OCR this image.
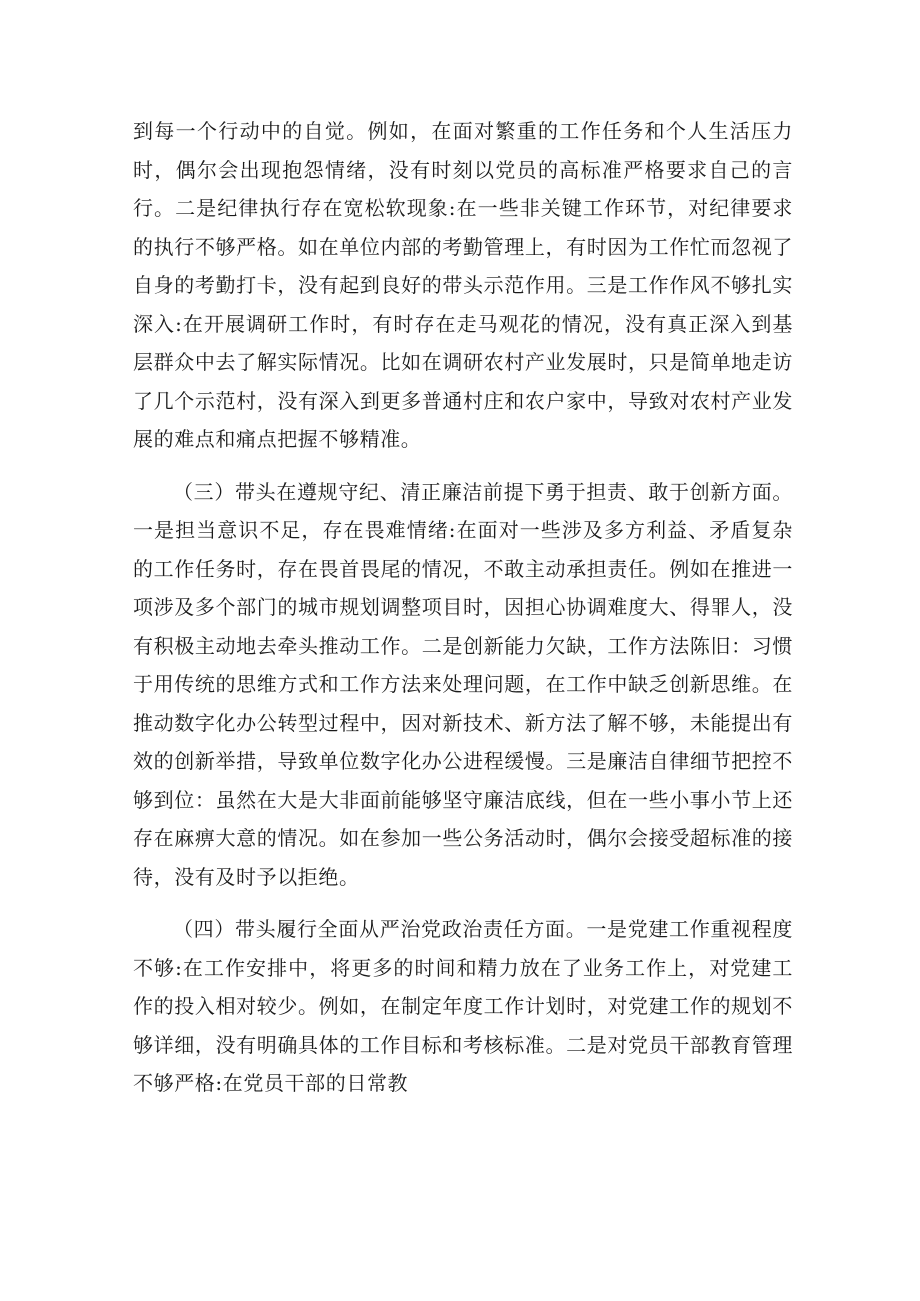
到每一个行动中的自觉。例如，在面对繁重的工作任务和个人生活压力时，偶尔会出现抱怨情绪，没有时刻以党员的高标准严格要求自己的言行。二是纪律执行存在宽松软现象:在一些非关键工作环节，对纪律要求的执行不够严格。如在单位内部的考勤管理上，有时因为工作忙而忽视了自身的考勤打卡，没有起到良好的带头示范作用。三是工作作风不够扎实深入:在开展调研工作时，有时存在走马观花的情况，没有真正深入到基层群众中去了解实际情况。比如在调研农村产业发展时，只是简单地走访了几个示范村，没有深入到更多普通村庄和农户家中，导致对农村产业发展的难点和痛点把握不够精准。

（三）带头在遵规守纪、清正廉洁前提下勇于担责、敢于创新方面。一是担当意识不足，存在畏难情绪:在面对一些涉及多方利益、矛盾复杂的工作任务时，存在畏首畏尾的情况，不敢主动承担责任。例如在推进一项涉及多个部门的城市规划调整项目时，因担心协调难度大、得罪人，没有积极主动地去牵头推动工作。二是创新能力欠缺，工作方法陈旧：习惯于用传统的思维方式和工作方法来处理问题，在工作中缺乏创新思维。在推动数字化办公转型过程中，因对新技术、新方法了解不够，未能提出有效的创新举措，导致单位数字化办公进程缓慢。三是廉洁自律细节把控不够到位：虽然在大是大非面前能够坚守廉洁底线，但在一些小事小节上还存在麻痹大意的情况。如在参加一些公务活动时，偶尔会接受超标准的接待，没有及时予以拒绝。

（四）带头履行全面从严治党政治责任方面。一是党建工作重视程度不够:在工作安排中，将更多的时间和精力放在了业务工作上，对党建工作的投入相对较少。例如，在制定年度工作计划时，对党建工作的规划不够详细，没有明确具体的工作目标和考核标准。二是对党员干部教育管理不够严格:在党员干部的日常教
